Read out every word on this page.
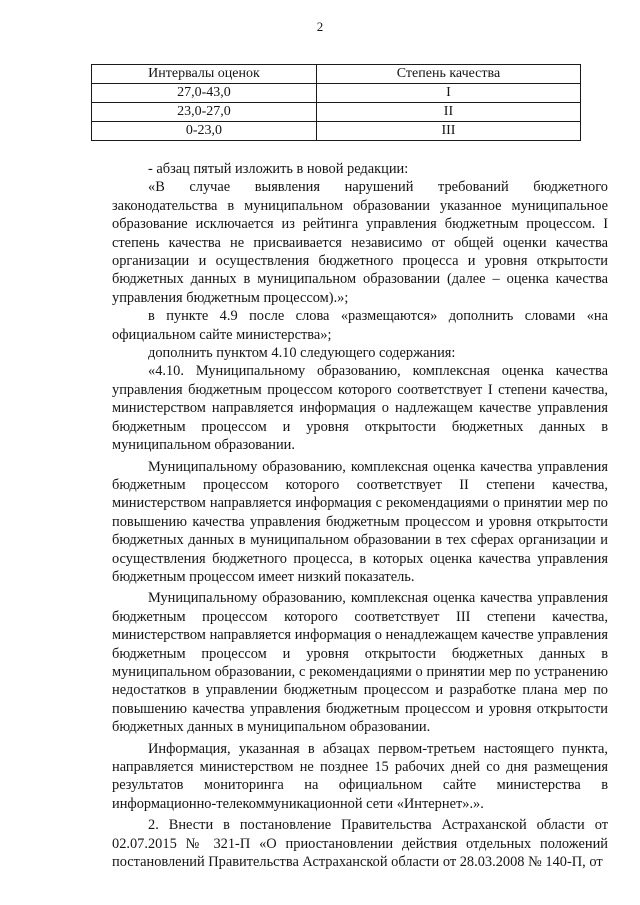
2
Интервалы оценок	Степень качества
27,0-43,0	I
23,0-27,0	II
0-23,0	III

- абзац пятый изложить в новой редакции:

«В случае выявления нарушений требований бюджетного законодательства в муниципальном образовании указанное муниципальное образование исключается из рейтинга управления бюджетным процессом. I степень качества не присваивается независимо от общей оценки качества организации и осуществления бюджетного процесса и уровня открытости бюджетных данных в муниципальном образовании (далее – оценка качества управления бюджетным процессом).»;

в пункте 4.9 после слова «размещаются» дополнить словами «на официальном сайте министерства»;

дополнить пунктом 4.10 следующего содержания:

«4.10. Муниципальному образованию, комплексная оценка качества управления бюджетным процессом которого соответствует I степени качества, министерством направляется информация о надлежащем качестве управления бюджетным процессом и уровня открытости бюджетных данных в муниципальном образовании.

Муниципальному образованию, комплексная оценка качества управления бюджетным процессом которого соответствует II степени качества, министерством направляется информация с рекомендациями о принятии мер по повышению качества управления бюджетным процессом и уровня открытости бюджетных данных в муниципальном образовании в тех сферах организации и осуществления бюджетного процесса, в которых оценка качества управления бюджетным процессом имеет низкий показатель.

Муниципальному образованию, комплексная оценка качества управления бюджетным процессом которого соответствует III степени качества, министерством направляется информация о ненадлежащем качестве управления бюджетным процессом и уровня открытости бюджетных данных в муниципальном образовании, с рекомендациями о принятии мер по устранению недостатков в управлении бюджетным процессом и разработке плана мер по повышению качества управления бюджетным процессом и уровня открытости бюджетных данных в муниципальном образовании.

Информация, указанная в абзацах первом-третьем настоящего пункта, направляется министерством не позднее 15 рабочих дней со дня размещения результатов мониторинга на официальном сайте министерства в информационно-телекоммуникационной сети «Интернет».».

2. Внести в постановление Правительства Астраханской области от 02.07.2015 № 321-П «О приостановлении действия отдельных положений постановлений Правительства Астраханской области от 28.03.2008 № 140-П, от
